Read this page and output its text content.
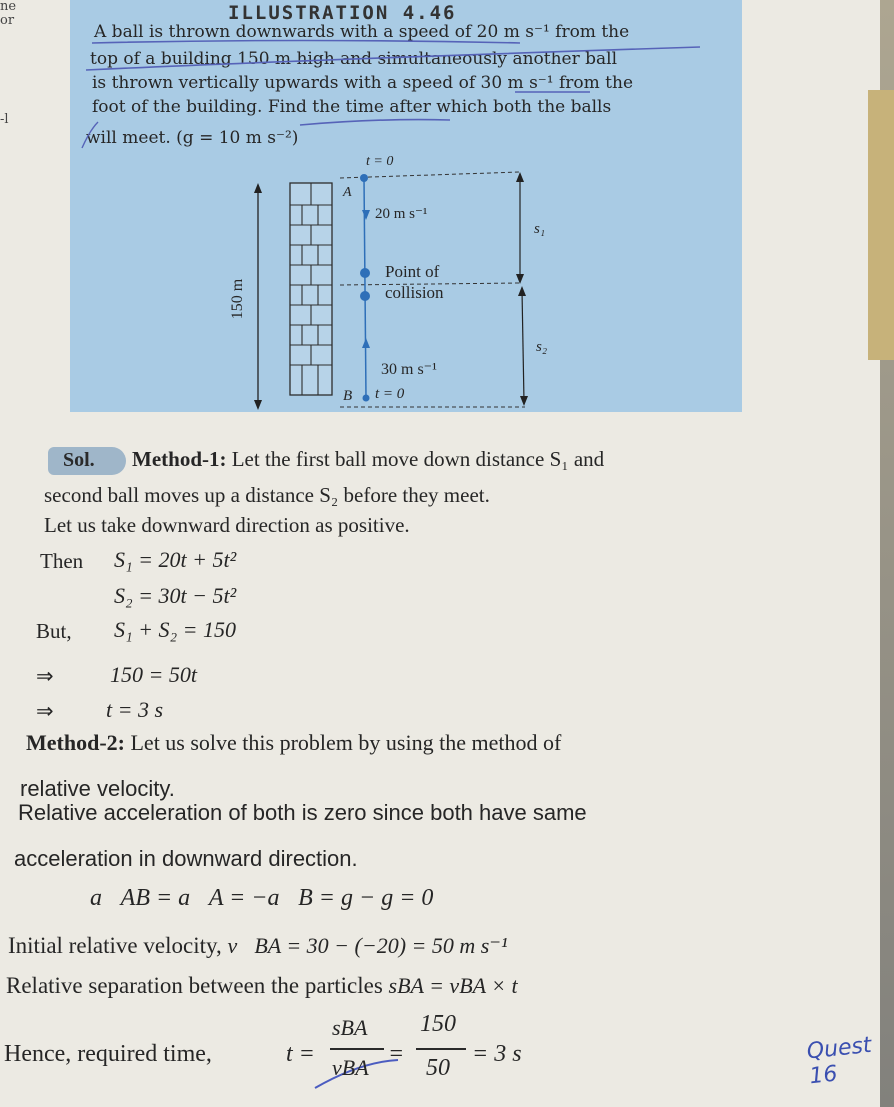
ne
or
-l
ILLUSTRATION 4.46
A ball is thrown downwards with a speed of 20 m s⁻¹ from the
top of a building 150 m high and simultaneously another ball
is thrown vertically upwards with a speed of 30 m s⁻¹ from the
foot of the building. Find the time after which both the balls
will meet. (g = 10 m s⁻²)
t = 0
A
20 m s⁻¹
s₁
Point of
collision
150 m
s₂
30 m s⁻¹
B t = 0
Sol. Method-1: Let the first ball move down distance S₁ and
second ball moves up a distance S₂ before they meet.
Let us take downward direction as positive.
Then S₁ = 20t + 5t²
S₂ = 30t − 5t²
But, S₁ + S₂ = 150
⇒	150 = 50t
⇒ t = 3 s
Method-2: Let us solve this problem by using the method of
relative velocity.
Relative acceleration of both is zero since both have same
acceleration in downward direction.
a⃗AB = a⃗A = −a⃗B = g − g = 0
Initial relative velocity, v⃗BA = 30 − (−20) = 50 m s⁻¹
Relative separation between the particles sBA = vBA × t
Hence, required time,	t =
sBA
vBA
=
150
50
= 3 s	Quest 16
